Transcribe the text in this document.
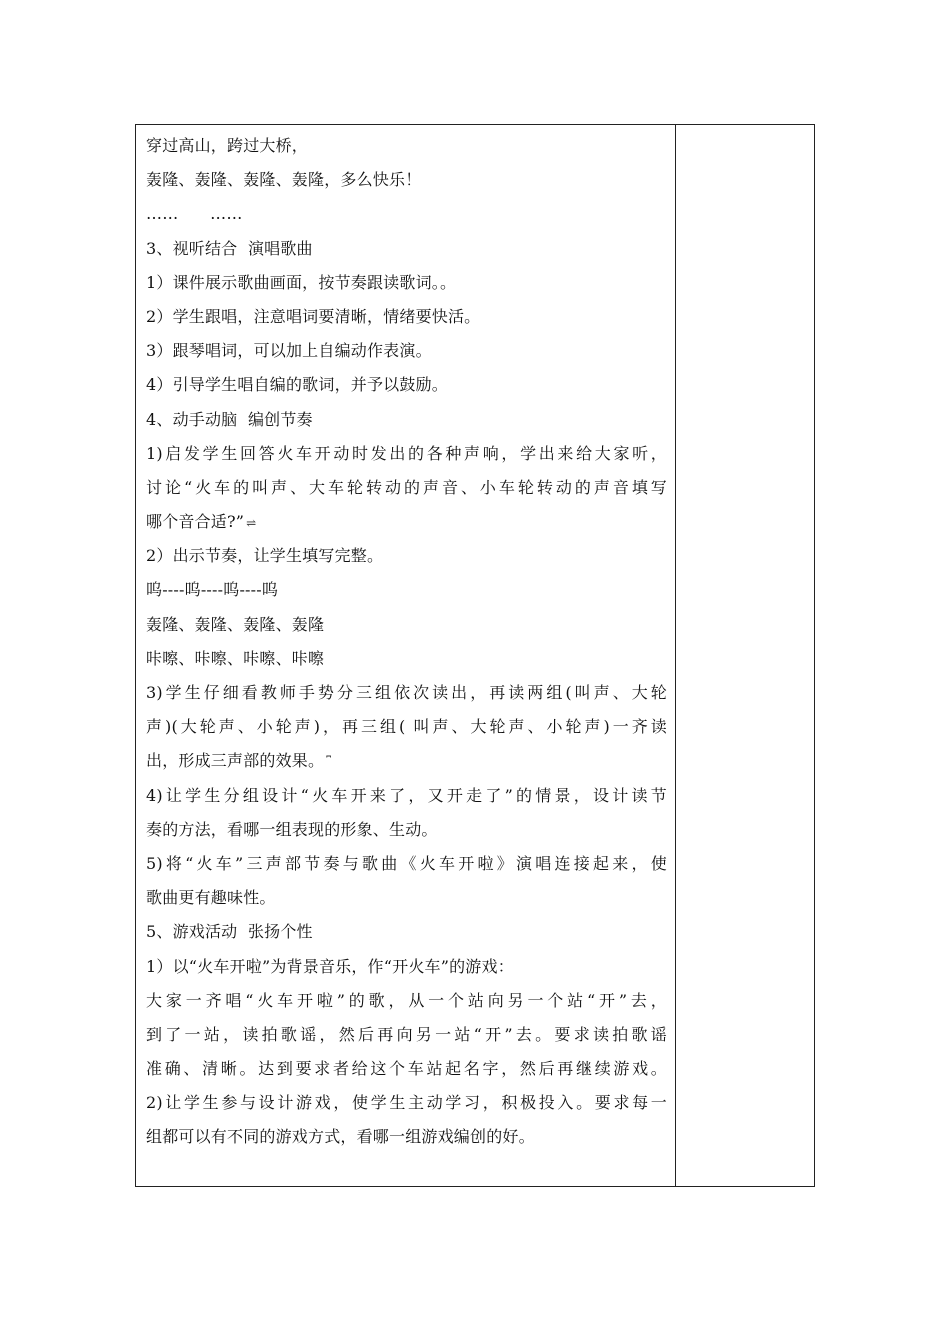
穿过高山，跨过大桥，
轰隆、轰隆、轰隆、轰隆，多么快乐！
……      ……
3、视听结合  演唱歌曲
1）课件展示歌曲画面，按节奏跟读歌词。。
2）学生跟唱，注意唱词要清晰，情绪要快活。
3）跟琴唱词，可以加上自编动作表演。
4）引导学生唱自编的歌词，并予以鼓励。
4、动手动脑  编创节奏
1)启发学生回答火车开动时发出的各种声响，学出来给大家听，
讨论“火车的叫声、大车轮转动的声音、小车轮转动的声音填写
哪个音合适?” ⇌
2）出示节奏，让学生填写完整。
呜----呜----呜----呜
轰隆、轰隆、轰隆、轰隆
咔嚓、咔嚓、咔嚓、咔嚓
3)学生仔细看教师手势分三组依次读出，再读两组(叫声、大轮
声)(大轮声、小轮声)，再三组( 叫声、大轮声、小轮声)一齐读
出，形成三声部的效果。 ⎴
4)让学生分组设计“火车开来了，又开走了”的情景，设计读节
奏的方法，看哪一组表现的形象、生动。
5)将“火车”三声部节奏与歌曲《火车开啦》演唱连接起来，使
歌曲更有趣味性。
5、游戏活动  张扬个性
1）以“火车开啦”为背景音乐，作“开火车”的游戏：
大家一齐唱“火车开啦”的歌，从一个站向另一个站“开”去，
到了一站，读拍歌谣，然后再向另一站“开”去。要求读拍歌谣
准确、清晰。达到要求者给这个车站起名字，然后再继续游戏。
2)让学生参与设计游戏，使学生主动学习，积极投入。要求每一
组都可以有不同的游戏方式，看哪一组游戏编创的好。
